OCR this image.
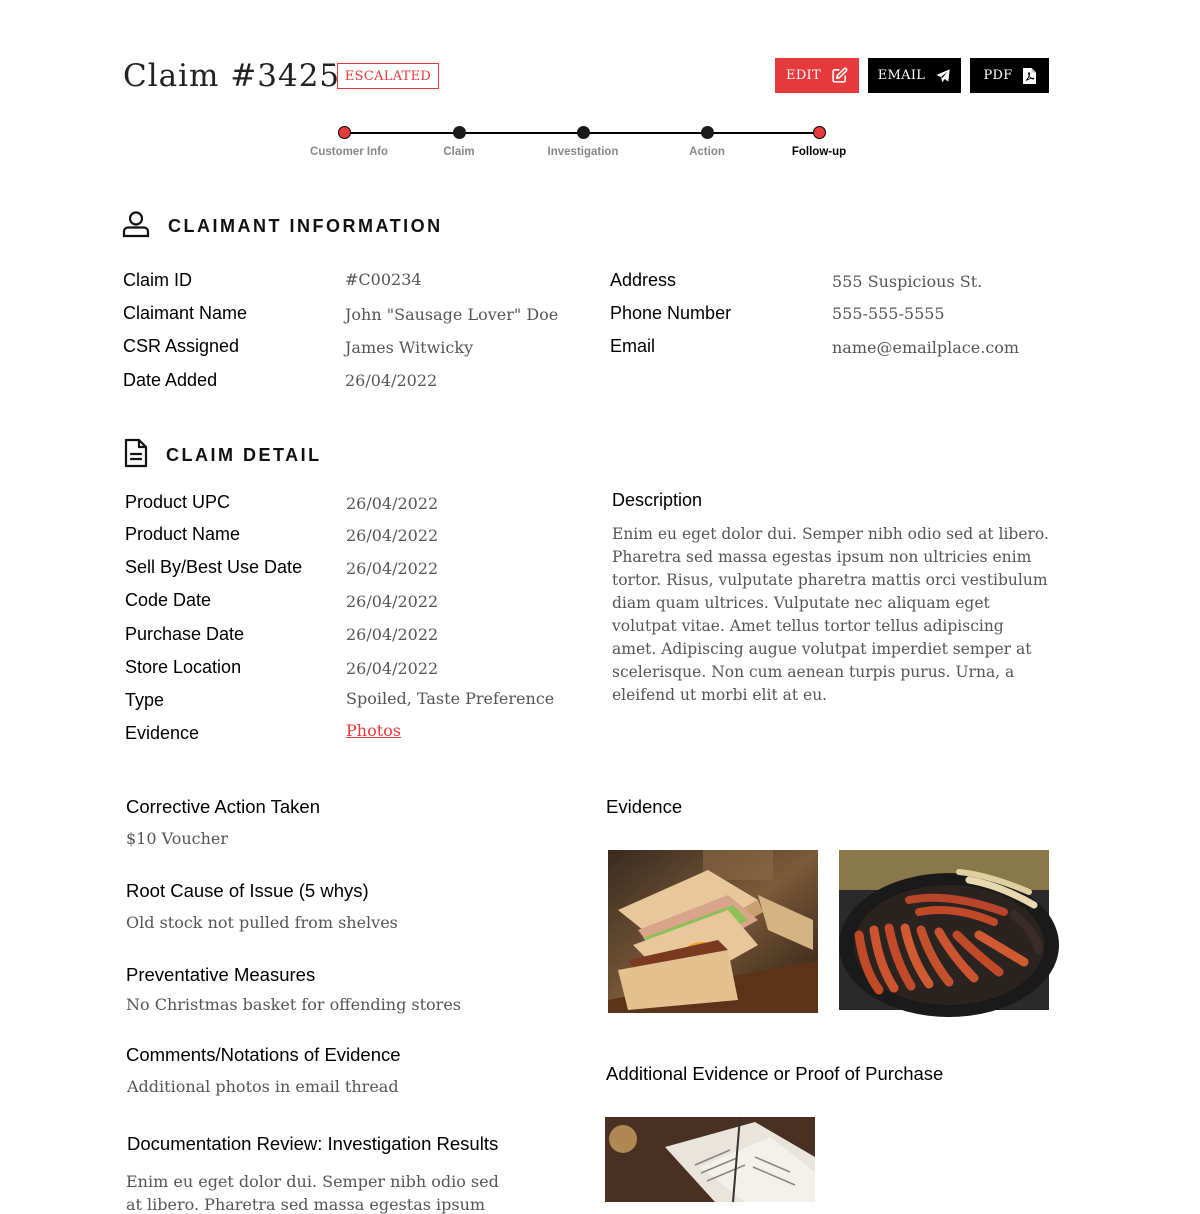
Claim #3425 ESCALATED	EDIT	EMAIL	PDF
Customer Info	Claim	Investigation	Action	Follow-up
CLAIMANT INFORMATION
Claim ID	#C00234
Claimant Name	John "Sausage Lover" Doe
CSR Assigned	James Witwicky
Date Added	26/04/2022
Address	555 Suspicious St.
Phone Number	555-555-5555
Email	name@emailplace.com
CLAIM DETAIL
Product UPC	26/04/2022
Product Name	26/04/2022
Sell By/Best Use Date	26/04/2022
Code Date	26/04/2022
Purchase Date	26/04/2022
Store Location	26/04/2022
Type	Spoiled, Taste Preference
Evidence	Photos
Description
Enim eu eget dolor dui. Semper nibh odio sed at libero. Pharetra sed massa egestas ipsum non ultricies enim tortor. Risus, vulputate pharetra mattis orci vestibulum diam quam ultrices. Vulputate nec aliquam eget volutpat vitae. Amet tellus tortor tellus adipiscing amet. Adipiscing augue volutpat imperdiet semper at scelerisque. Non cum aenean turpis purus. Urna, a eleifend ut morbi elit at eu.
Corrective Action Taken
$10 Voucher
Root Cause of Issue (5 whys)
Old stock not pulled from shelves
Preventative Measures
No Christmas basket for offending stores
Comments/Notations of Evidence
Additional photos in email thread
Documentation Review: Investigation Results
Enim eu eget dolor dui. Semper nibh odio sed
at libero. Pharetra sed massa egestas ipsum
Evidence
Additional Evidence or Proof of Purchase
